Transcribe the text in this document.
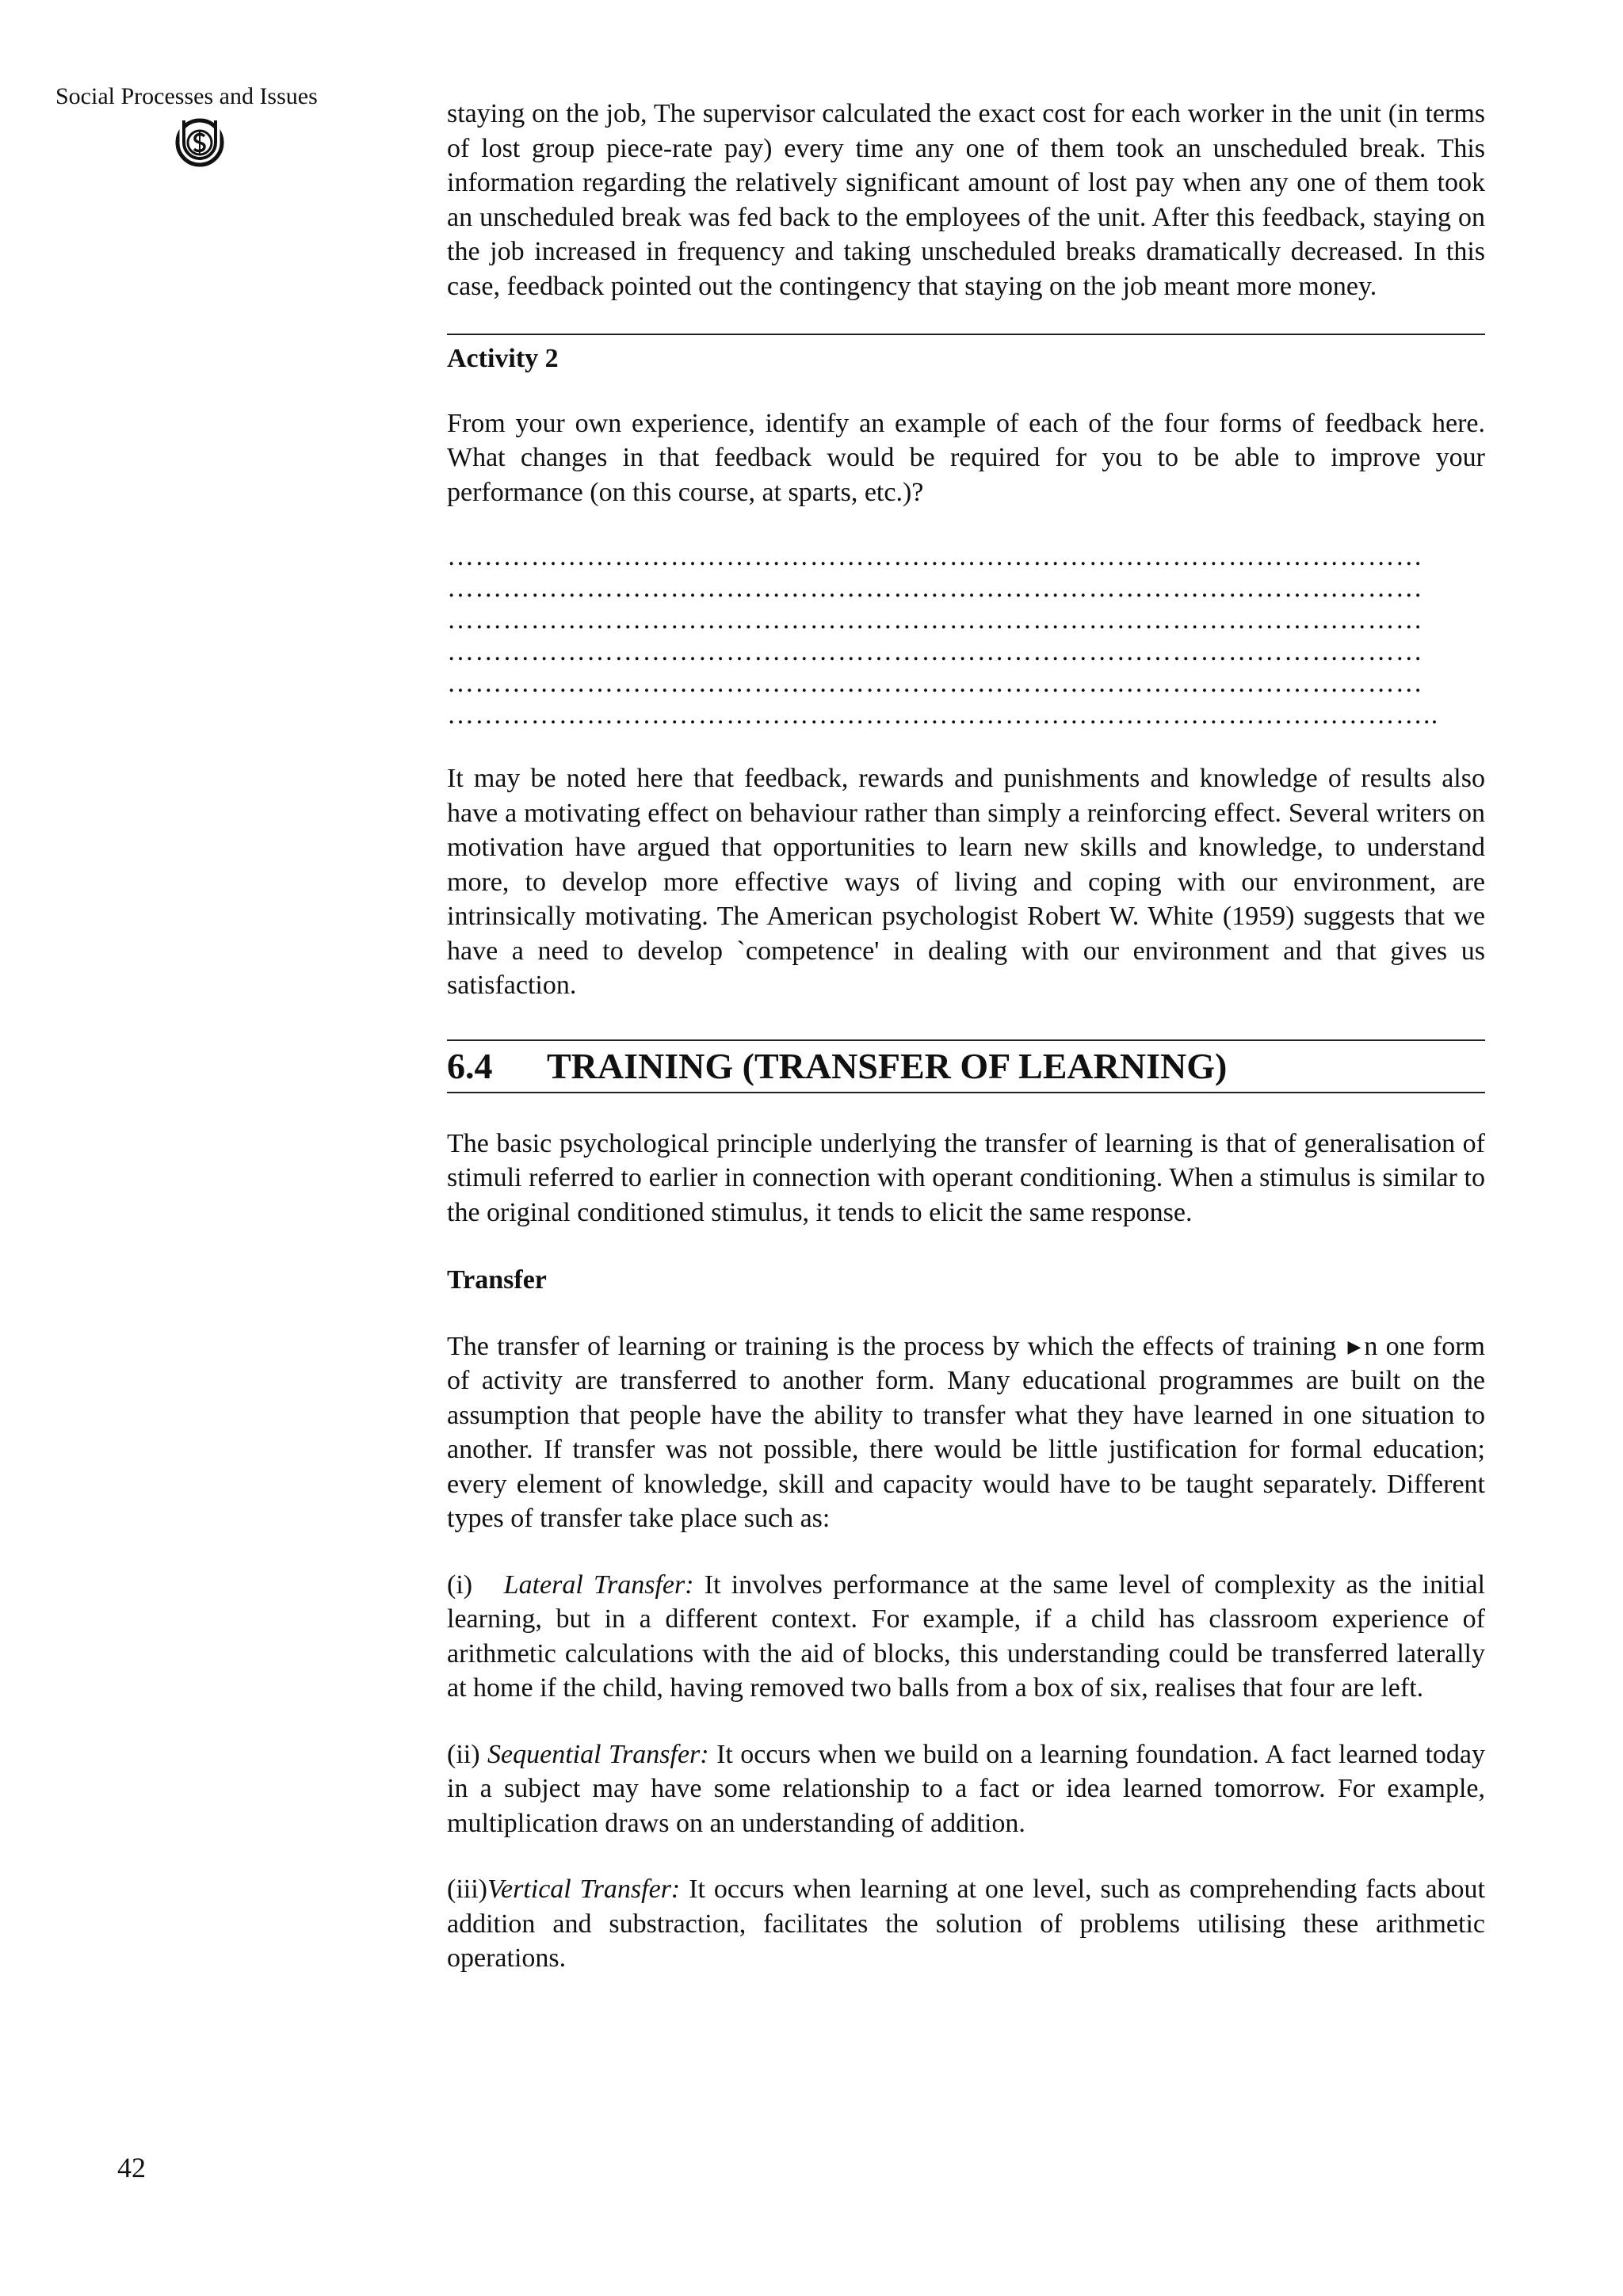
Social Processes and Issues

staying on the job, The supervisor calculated the exact cost for each worker in the unit (in terms of lost group piece-rate pay) every time any one of them took an unscheduled break. This information regarding the relatively significant amount of lost pay when any one of them took an unscheduled break was fed back to the employees of the unit. After this feedback, staying on the job increased in frequency and taking unscheduled breaks dramatically decreased. In this case, feedback pointed out the contingency that staying on the job meant more money.

Activity 2

From your own experience, identify an example of each of the four forms of feedback here. What changes in that feedback would be required for you to be able to improve your performance (on this course, at sparts, etc.)?

……………………………………………………………………………………………
……………………………………………………………………………………………
……………………………………………………………………………………………
……………………………………………………………………………………………
……………………………………………………………………………………………
……………………………………………………………………………………………..

It may be noted here that feedback, rewards and punishments and knowledge of results also have a motivating effect on behaviour rather than simply a reinforcing effect. Several writers on motivation have argued that opportunities to learn new skills and knowledge, to understand more, to develop more effective ways of living and coping with our environment, are intrinsically motivating. The American psychologist Robert W. White (1959) suggests that we have a need to develop `competence' in dealing with our environment and that gives us satisfaction.

6.4 TRAINING (TRANSFER OF LEARNING)

The basic psychological principle underlying the transfer of learning is that of generalisation of stimuli referred to earlier in connection with operant conditioning. When a stimulus is similar to the original conditioned stimulus, it tends to elicit the same response.

Transfer

The transfer of learning or training is the process by which the effects of training ▶ n one form of activity are transferred to another form. Many educational programmes are built on the assumption that people have the ability to transfer what they have learned in one situation to another. If transfer was not possible, there would be little justification for formal education; every element of knowledge, skill and capacity would have to be taught separately. Different types of transfer take place such as:

(i) Lateral Transfer: It involves performance at the same level of complexity as the initial learning, but in a different context. For example, if a child has classroom experience of arithmetic calculations with the aid of blocks, this understanding could be transferred laterally at home if the child, having removed two balls from a box of six, realises that four are left.

(ii) Sequential Transfer: It occurs when we build on a learning foundation. A fact learned today in a subject may have some relationship to a fact or idea learned tomorrow. For example, multiplication draws on an understanding of addition.

(iii)Vertical Transfer: It occurs when learning at one level, such as comprehending facts about addition and substraction, facilitates the solution of problems utilising these arithmetic operations.

42
